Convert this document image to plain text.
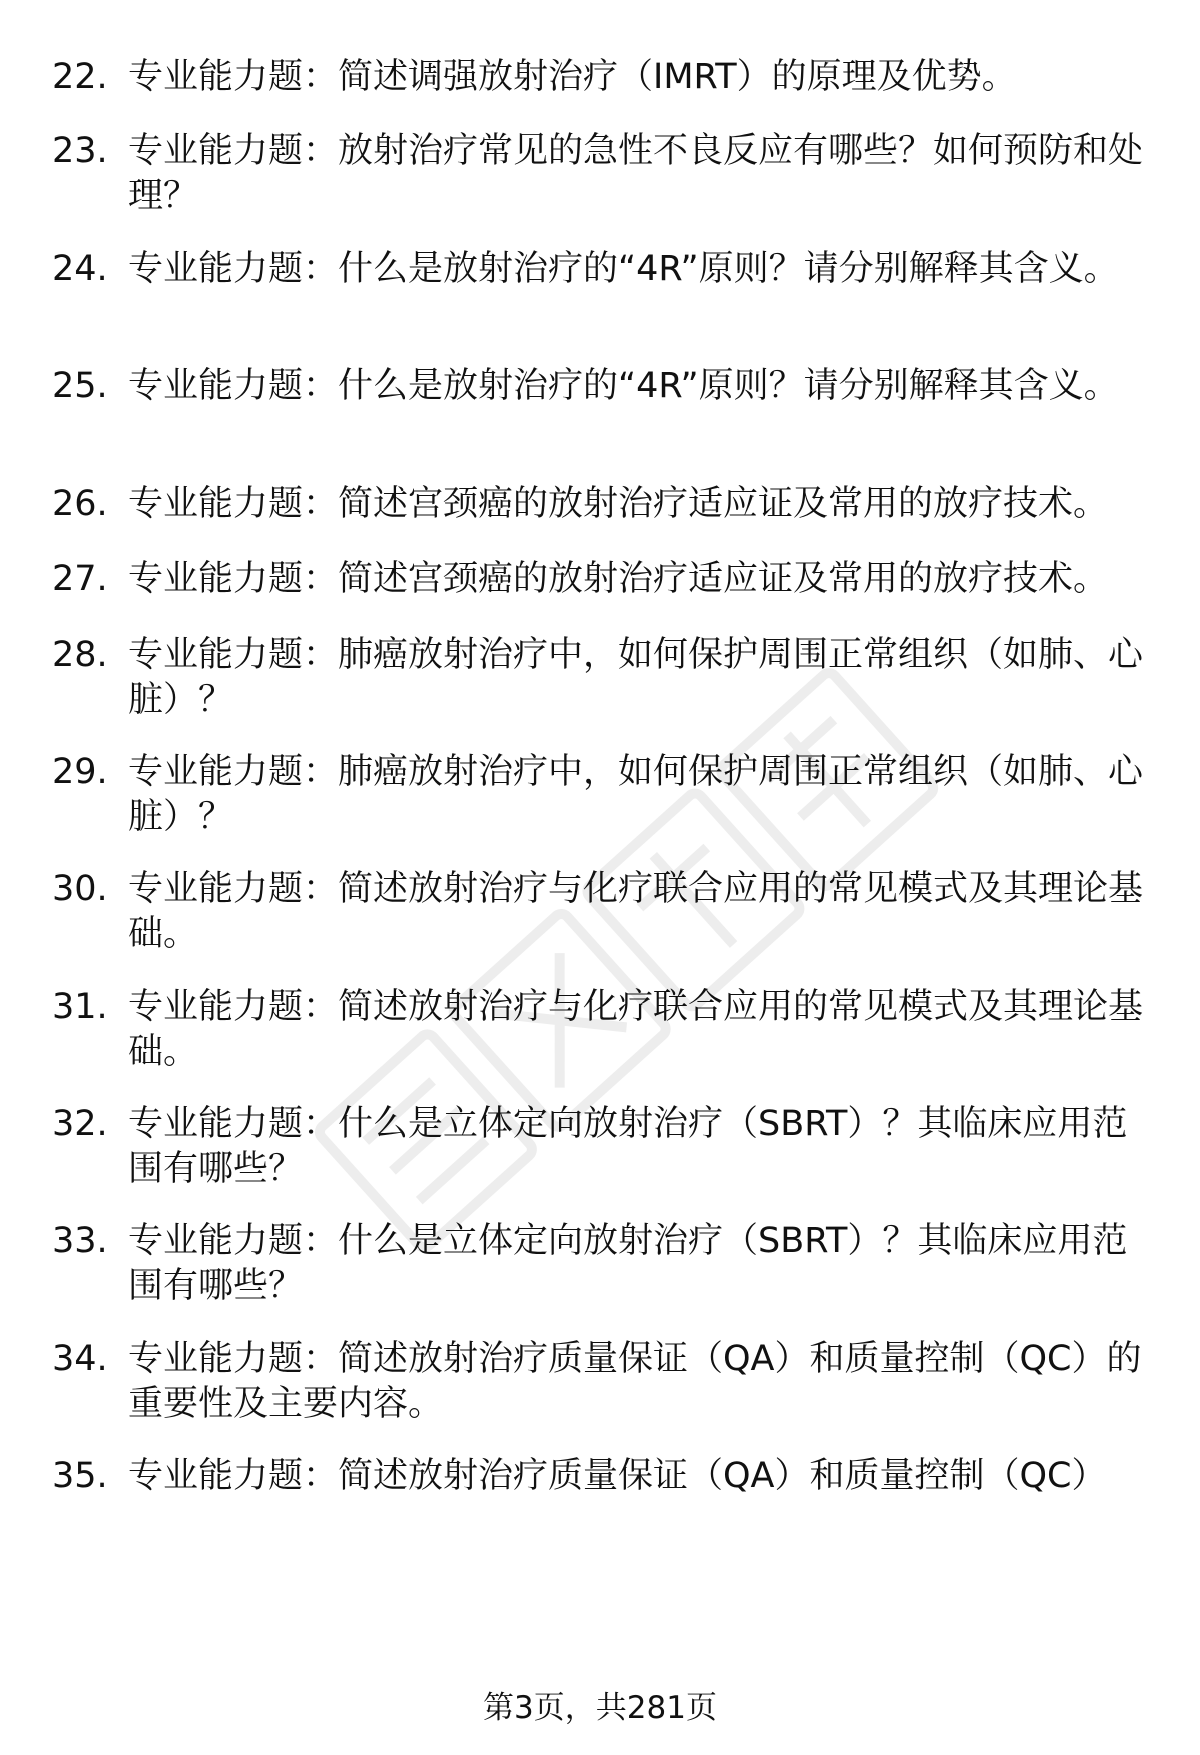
22. 专业能力题：简述调强放射治疗（IMRT）的原理及优势。
23. 专业能力题：放射治疗常见的急性不良反应有哪些？如何预防和处理？
24. 专业能力题：什么是放射治疗的“4R”原则？请分别解释其含义。
25. 专业能力题：什么是放射治疗的“4R”原则？请分别解释其含义。
26. 专业能力题：简述宫颈癌的放射治疗适应证及常用的放疗技术。
27. 专业能力题：简述宫颈癌的放射治疗适应证及常用的放疗技术。
28. 专业能力题：肺癌放射治疗中，如何保护周围正常组织（如肺、心脏）？
29. 专业能力题：肺癌放射治疗中，如何保护周围正常组织（如肺、心脏）？
30. 专业能力题：简述放射治疗与化疗联合应用的常见模式及其理论基础。
31. 专业能力题：简述放射治疗与化疗联合应用的常见模式及其理论基础。
32. 专业能力题：什么是立体定向放射治疗（SBRT）？其临床应用范围有哪些？
33. 专业能力题：什么是立体定向放射治疗（SBRT）？其临床应用范围有哪些？
34. 专业能力题：简述放射治疗质量保证（QA）和质量控制（QC）的重要性及主要内容。
35. 专业能力题：简述放射治疗质量保证（QA）和质量控制（QC）
第3页，共281页
